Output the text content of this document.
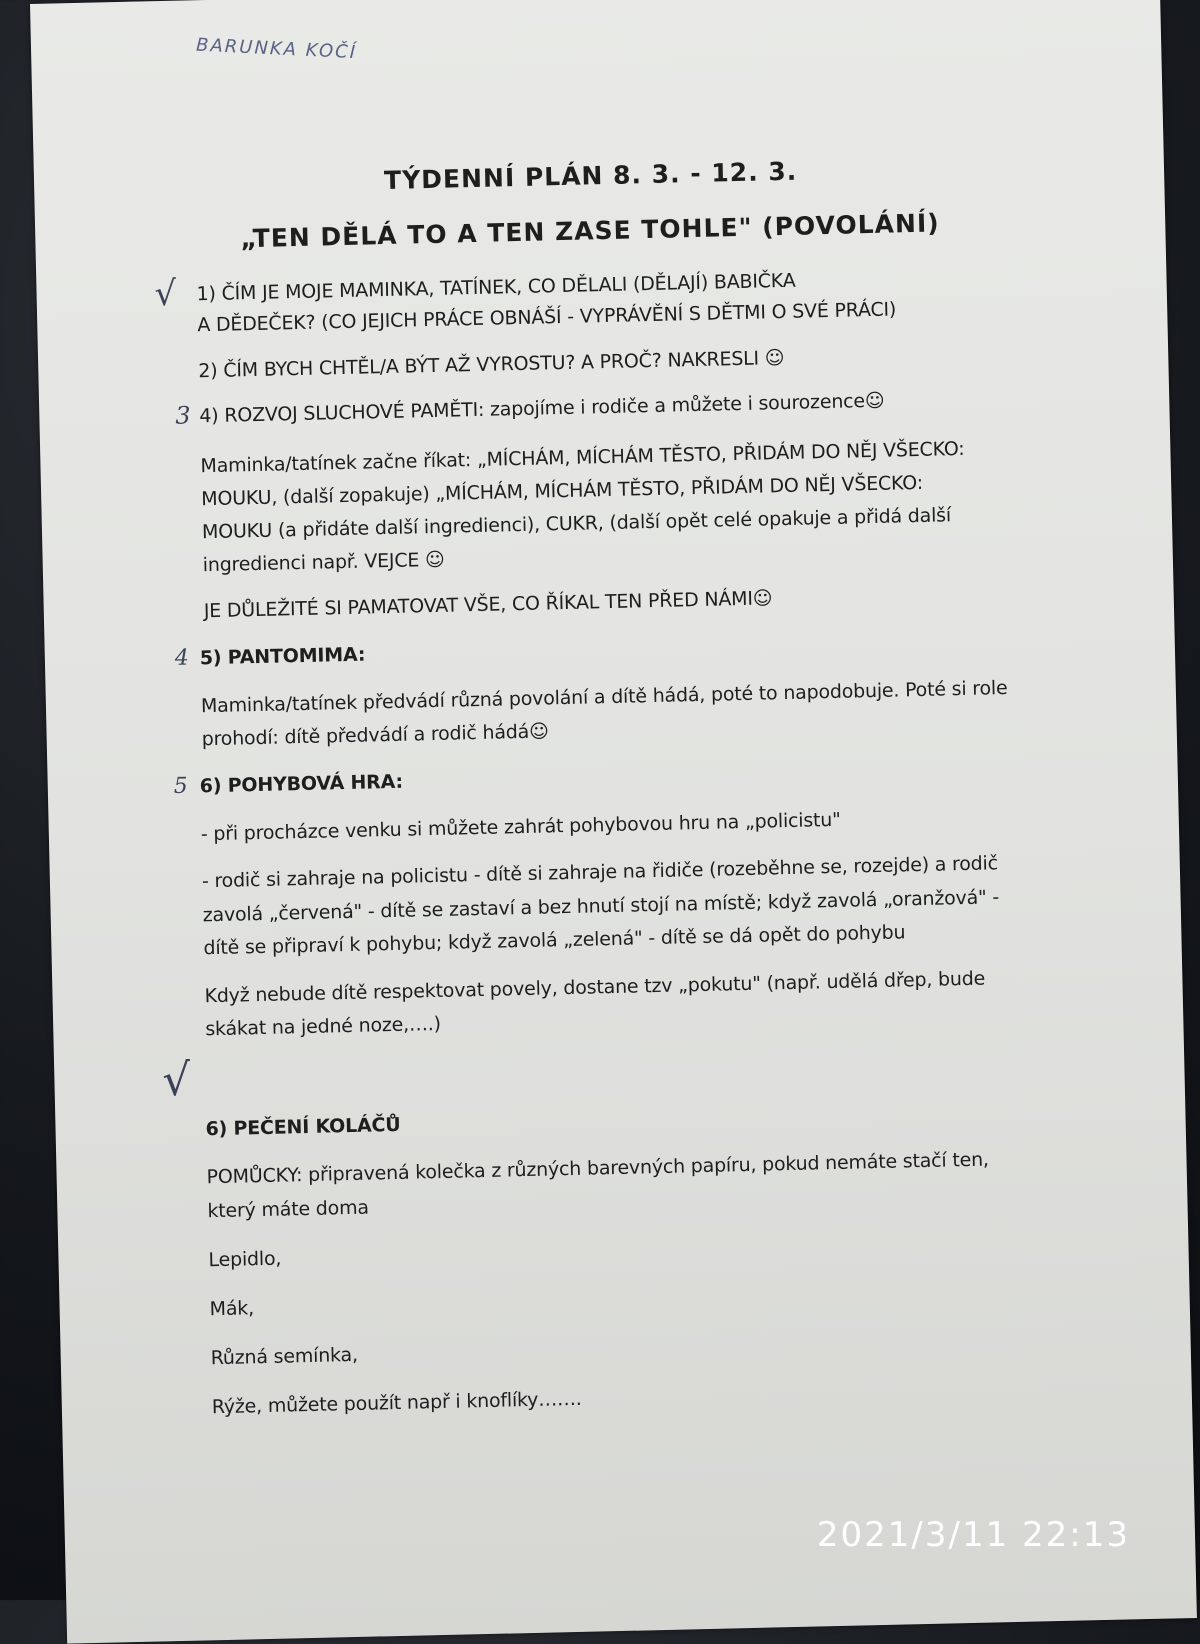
BARUNKA KOČÍ
TÝDENNÍ PLÁN 8. 3. - 12. 3.
„TEN DĚLÁ TO A TEN ZASE TOHLE" (POVOLÁNÍ)
√
3
4
5
√
1) ČÍM JE MOJE MAMINKA, TATÍNEK, CO DĚLALI (DĚLAJÍ) BABIČKA
A DĚDEČEK? (CO JEJICH PRÁCE OBNÁŠÍ - VYPRÁVĚNÍ S DĚTMI O SVÉ PRÁCI)
2) ČÍM BYCH CHTĚL/A BÝT AŽ VYROSTU? A PROČ? NAKRESLI ☺
4) ROZVOJ SLUCHOVÉ PAMĚTI: zapojíme i rodiče a můžete i sourozence☺
Maminka/tatínek začne říkat: „MÍCHÁM, MÍCHÁM TĚSTO, PŘIDÁM DO NĚJ VŠECKO:
MOUKU, (další zopakuje) „MÍCHÁM, MÍCHÁM TĚSTO, PŘIDÁM DO NĚJ VŠECKO:
MOUKU (a přidáte další ingredienci), CUKR, (další opět celé opakuje a přidá další
ingredienci např. VEJCE ☺
JE DŮLEŽITÉ SI PAMATOVAT VŠE, CO ŘÍKAL TEN PŘED NÁMI☺
5) PANTOMIMA:
Maminka/tatínek předvádí různá povolání a dítě hádá, poté to napodobuje. Poté si role
prohodí: dítě předvádí a rodič hádá☺
6) POHYBOVÁ HRA:
- při procházce venku si můžete zahrát pohybovou hru na „policistu"
- rodič si zahraje na policistu - dítě si zahraje na řidiče (rozeběhne se, rozejde) a rodič
zavolá „červená" - dítě se zastaví a bez hnutí stojí na místě; když zavolá „oranžová" -
dítě se připraví k pohybu; když zavolá „zelená" - dítě se dá opět do pohybu
Když nebude dítě respektovat povely, dostane tzv „pokutu" (např. udělá dřep, bude
skákat na jedné noze,….)
6) PEČENÍ KOLÁČŮ
POMŮCKY: připravená kolečka z různých barevných papíru, pokud nemáte stačí ten,
který máte doma
Lepidlo,
Mák,
Různá semínka,
Rýže, můžete použít např i knoflíky…….
2021/3/11 22:13
